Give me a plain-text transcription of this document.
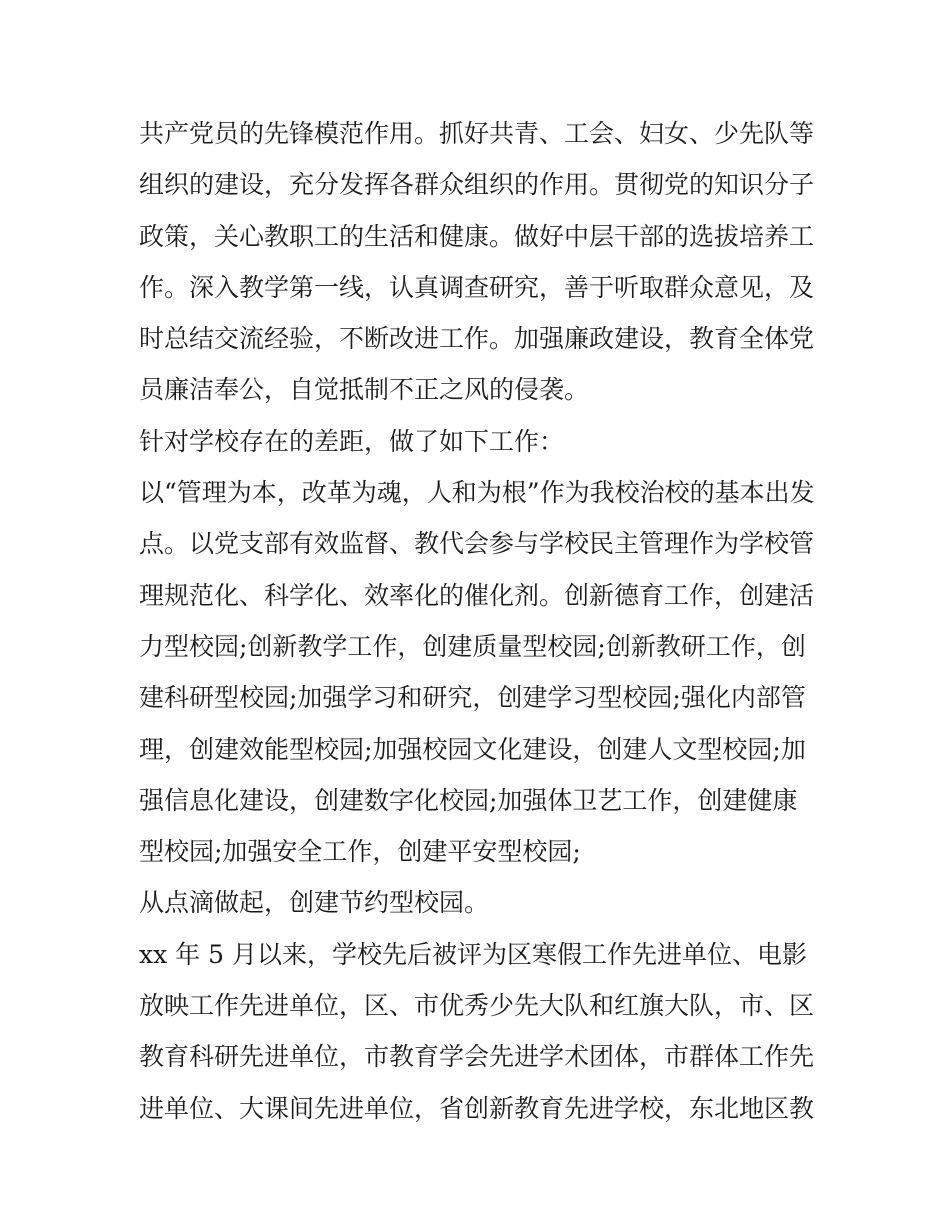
共产党员的先锋模范作用。抓好共青、工会、妇女、少先队等
组织的建设，充分发挥各群众组织的作用。贯彻党的知识分子
政策，关心教职工的生活和健康。做好中层干部的选拔培养工
作。深入教学第一线，认真调查研究，善于听取群众意见，及
时总结交流经验，不断改进工作。加强廉政建设，教育全体党
员廉洁奉公，自觉抵制不正之风的侵袭。
针对学校存在的差距，做了如下工作：
以“管理为本，改革为魂，人和为根”作为我校治校的基本出发
点。以党支部有效监督、教代会参与学校民主管理作为学校管
理规范化、科学化、效率化的催化剂。创新德育工作，创建活
力型校园;创新教学工作，创建质量型校园;创新教研工作，创
建科研型校园;加强学习和研究，创建学习型校园;强化内部管
理，创建效能型校园;加强校园文化建设，创建人文型校园;加
强信息化建设，创建数字化校园;加强体卫艺工作，创建健康
型校园;加强安全工作，创建平安型校园;
从点滴做起，创建节约型校园。
xx 年 5 月以来，学校先后被评为区寒假工作先进单位、电影
放映工作先进单位，区、市优秀少先大队和红旗大队，市、区
教育科研先进单位，市教育学会先进学术团体，市群体工作先
进单位、大课间先进单位，省创新教育先进学校，东北地区教
